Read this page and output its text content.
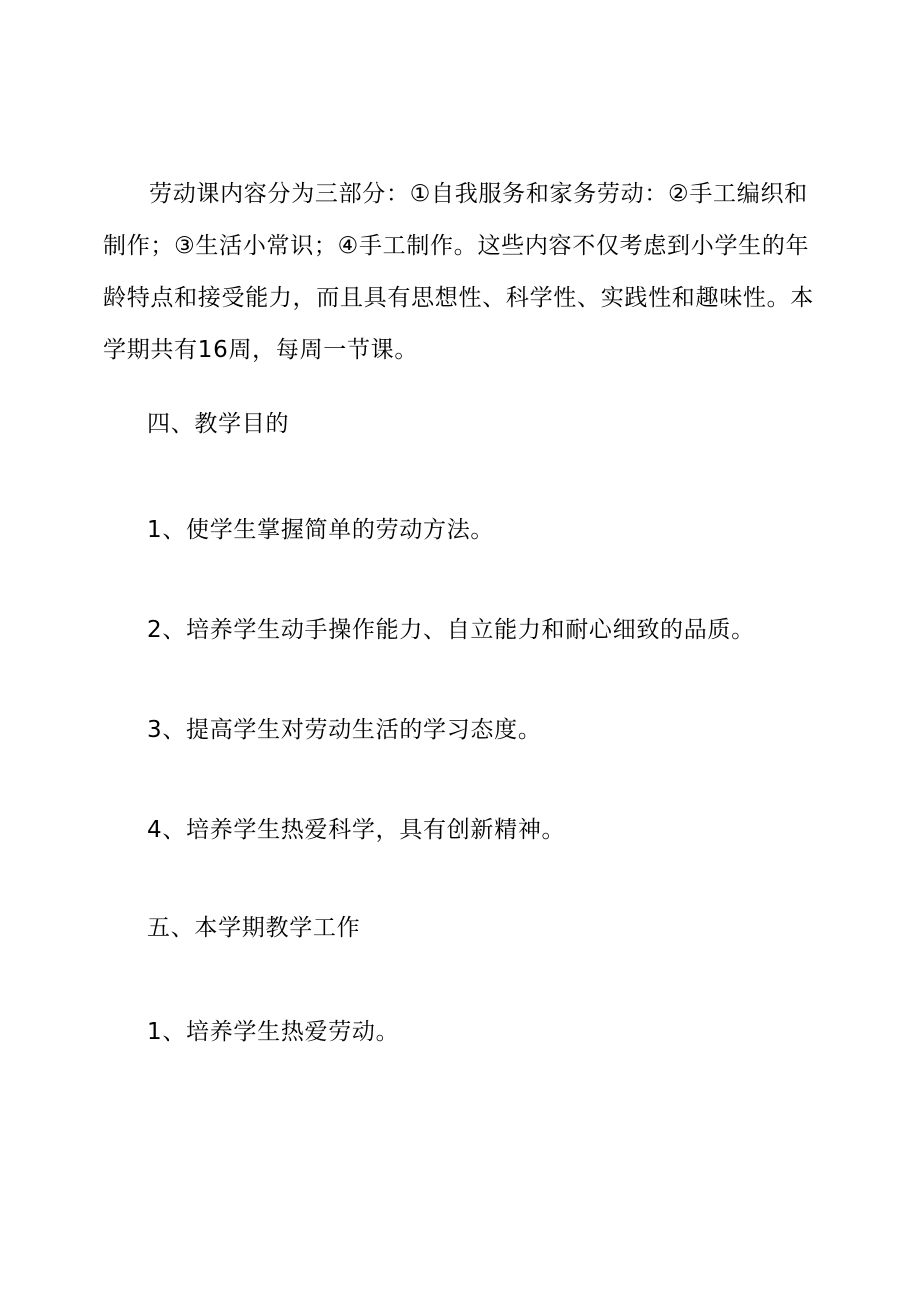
劳动课内容分为三部分：①自我服务和家务劳动：②手工编织和制作；③生活小常识；④手工制作。这些内容不仅考虑到小学生的年龄特点和接受能力，而且具有思想性、科学性、实践性和趣味性。本学期共有16周，每周一节课。

四、教学目的

1、使学生掌握简单的劳动方法。

2、培养学生动手操作能力、自立能力和耐心细致的品质。

3、提高学生对劳动生活的学习态度。

4、培养学生热爱科学，具有创新精神。

五、本学期教学工作

1、培养学生热爱劳动。
